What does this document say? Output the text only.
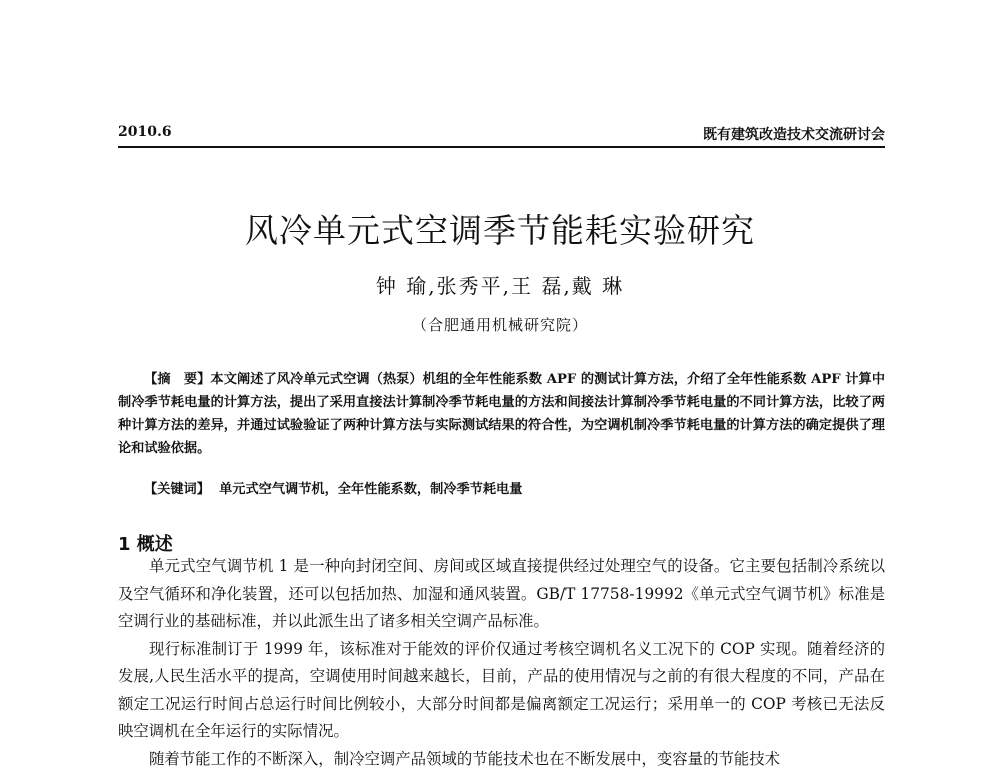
2010.6	既有建筑改造技术交流研讨会
风冷单元式空调季节能耗实验研究
钟 瑜,张秀平,王 磊,戴 琳
（合肥通用机械研究院）
【摘　要】本文阐述了风冷单元式空调（热泵）机组的全年性能系数 APF 的测试计算方法，介绍了全年性能系数 APF 计算中制冷季节耗电量的计算方法，提出了采用直接法计算制冷季节耗电量的方法和间接法计算制冷季节耗电量的不同计算方法，比较了两种计算方法的差异，并通过试验验证了两种计算方法与实际测试结果的符合性，为空调机制冷季节耗电量的计算方法的确定提供了理论和试验依据。
【关键词】 单元式空气调节机，全年性能系数，制冷季节耗电量
1 概述

单元式空气调节机 1 是一种向封闭空间、房间或区域直接提供经过处理空气的设备。它主要包括制冷系统以及空气循环和净化装置，还可以包括加热、加湿和通风装置。GB/T 17758-19992《单元式空气调节机》标准是空调行业的基础标准，并以此派生出了诸多相关空调产品标准。

现行标准制订于 1999 年，该标准对于能效的评价仅通过考核空调机名义工况下的 COP 实现。随着经济的发展,人民生活水平的提高，空调使用时间越来越长，目前，产品的使用情况与之前的有很大程度的不同，产品在额定工况运行时间占总运行时间比例较小，大部分时间都是偏离额定工况运行；采用单一的 COP 考核已无法反映空调机在全年运行的实际情况。

随着节能工作的不断深入，制冷空调产品领域的节能技术也在不断发展中，变容量的节能技术
